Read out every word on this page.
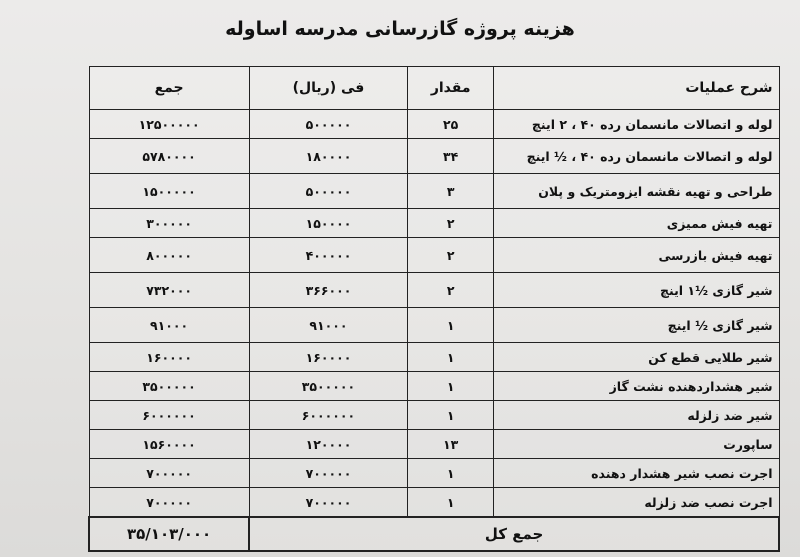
هزینه پروژه گازرسانی مدرسه اساوله
شرح عملیات	مقدار	فی (ریال)	جمع
لوله و اتصالات مانسمان رده ۴۰ ، ۲ اینچ	۲۵	۵۰۰۰۰۰	۱۲۵۰۰۰۰۰
لوله و اتصالات مانسمان رده ۴۰ ، ½ اینچ	۳۴	۱۸۰۰۰۰	۵۷۸۰۰۰۰
طراحی و تهیه نقشه ایزومتریک و پلان	۳	۵۰۰۰۰۰	۱۵۰۰۰۰۰
تهیه فیش ممیزی	۲	۱۵۰۰۰۰	۳۰۰۰۰۰
تهیه فیش بازرسی	۲	۴۰۰۰۰۰	۸۰۰۰۰۰
شیر گازی ½۱ اینچ	۲	۳۶۶۰۰۰	۷۳۲۰۰۰
شیر گازی ½ اینچ	۱	۹۱۰۰۰	۹۱۰۰۰
شیر طلایی قطع کن	۱	۱۶۰۰۰۰	۱۶۰۰۰۰
شیر هشداردهنده نشت گاز	۱	۳۵۰۰۰۰۰	۳۵۰۰۰۰۰
شیر ضد زلزله	۱	۶۰۰۰۰۰۰	۶۰۰۰۰۰۰
ساپورت	۱۳	۱۲۰۰۰۰	۱۵۶۰۰۰۰
اجرت نصب شیر هشدار دهنده	۱	۷۰۰۰۰۰	۷۰۰۰۰۰
اجرت نصب ضد زلزله	۱	۷۰۰۰۰۰	۷۰۰۰۰۰
جمع کل			۳۵/۱۰۳/۰۰۰
